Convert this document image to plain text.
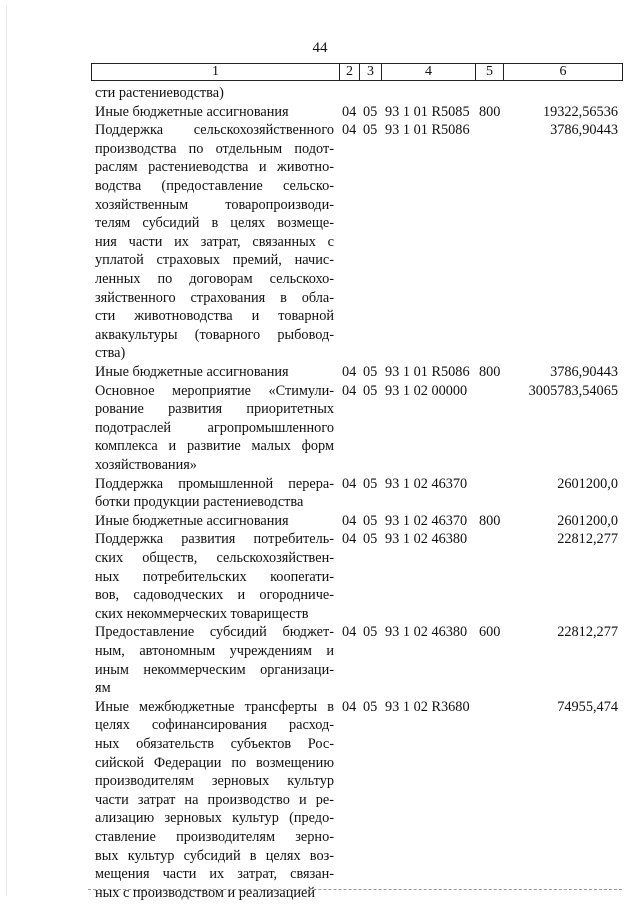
44
1	2	3	4	5	6
сти растениеводства)
Иные бюджетные ассигнования	04 05 93 1 01 R5085 800	19322,56536
Поддержка сельскохозяйственного
производства по отдельным подот-
раслям растениеводства и животно-
водства (предоставление сельско-
хозяйственным товаропроизводи-
телям субсидий в целях возмеще-
ния части их затрат, связанных с
уплатой страховых премий, начис-
ленных по договорам сельскохо-
зяйственного страхования в обла-
сти животноводства и товарной
аквакультуры (товарного рыбовод-
ства)
04 05 93 1 01 R5086	3786,90443
Иные бюджетные ассигнования	04 05 93 1 01 R5086 800	3786,90443
Основное мероприятие «Стимули-
рование развития приоритетных
подотраслей агропромышленного
комплекса и развитие малых форм
хозяйствования»
04 05 93 1 02 00000	3005783,54065
Поддержка промышленной перера-
ботки продукции растениеводства
04 05 93 1 02 46370	2601200,0
Иные бюджетные ассигнования	04 05 93 1 02 46370 800	2601200,0
Поддержка развития потребитель-
ских обществ, сельскохозяйствен-
ных потребительских коопerати-
вов, садоводческих и огородниче-
ских некоммерческих товариществ
04 05 93 1 02 46380	22812,277
Предоставление субсидий бюджет-
ным, автономным учреждениям и
иным некоммерческим организаци-
ям
04 05 93 1 02 46380 600	22812,277
Иные межбюджетные трансферты в
целях софинансирования расход-
ных обязательств субъектов Рос-
сийской Федерации по возмещению
производителям зерновых культур
части затрат на производство и ре-
ализацию зерновых культур (предо-
ставление производителям зерно-
вых культур субсидий в целях воз-
мещения части их затрат, связан-
ных с производством и реализацией
04 05 93 1 02 R3680	74955,474
